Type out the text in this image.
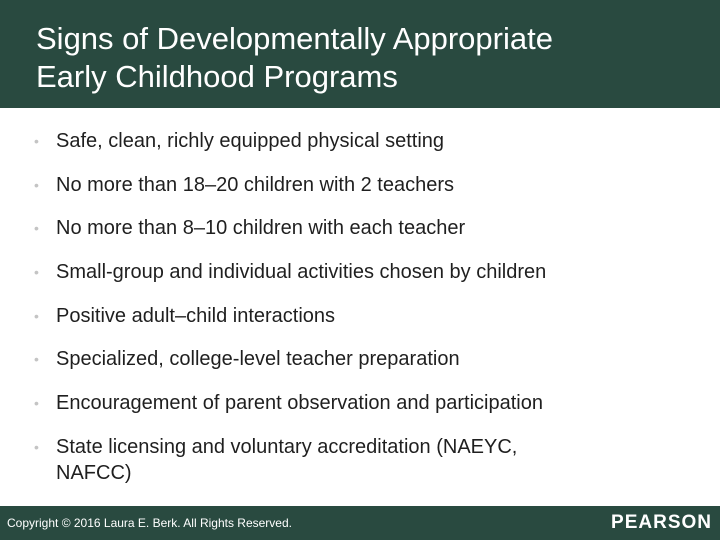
Signs of Developmentally Appropriate
Early Childhood Programs
• Safe, clean, richly equipped physical setting
• No more than 18–20 children with 2 teachers
• No more than 8–10 children with each teacher
• Small-group and individual activities chosen by children
• Positive adult–child interactions
• Specialized, college-level teacher preparation
• Encouragement of parent observation and participation
• State licensing and voluntary accreditation (NAEYC, NAFCC)
Copyright © 2016 Laura E. Berk. All Rights Reserved.	PEARSON
